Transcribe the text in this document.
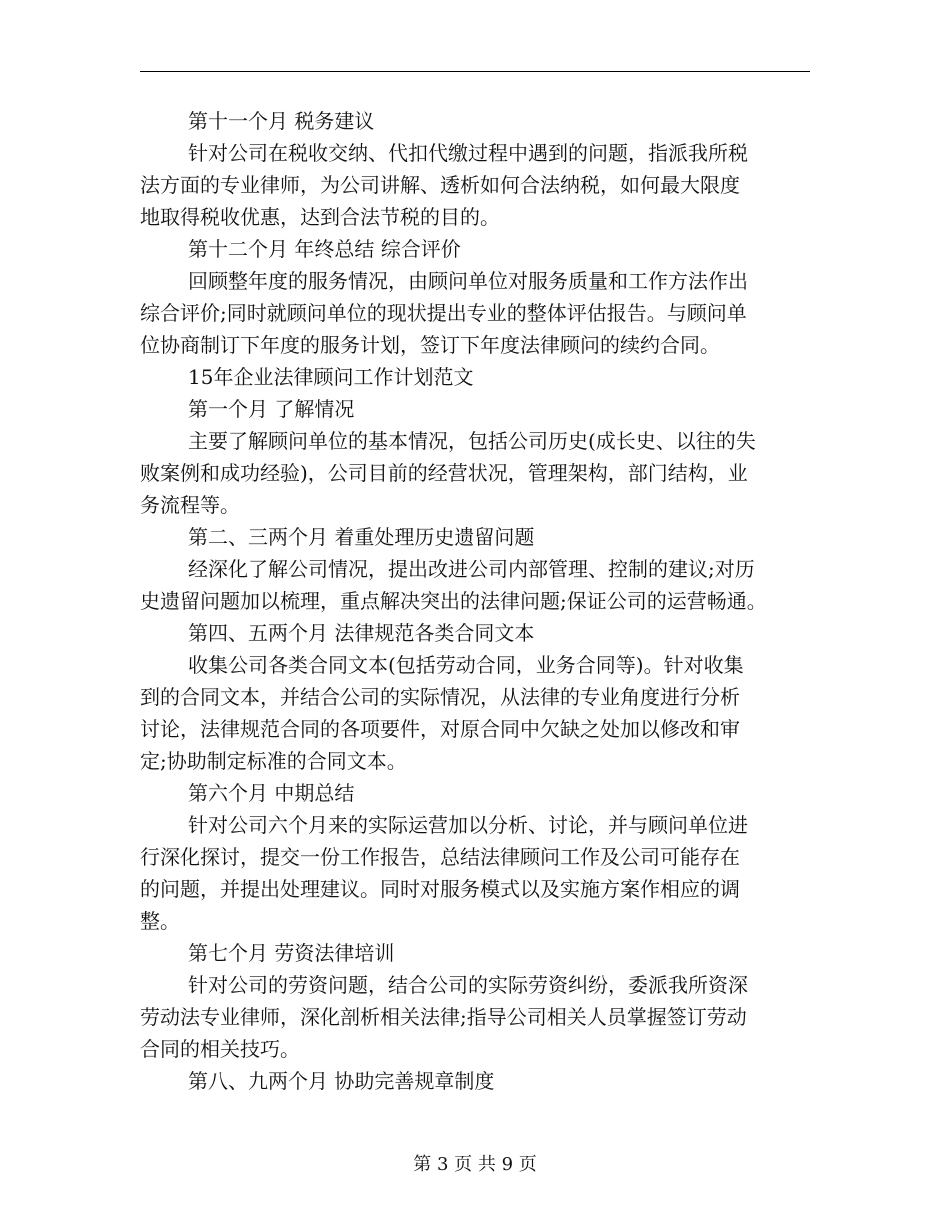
第十一个月 税务建议

针对公司在税收交纳、代扣代缴过程中遇到的问题，指派我所税

法方面的专业律师，为公司讲解、透析如何合法纳税，如何最大限度

地取得税收优惠，达到合法节税的目的。

第十二个月 年终总结 综合评价

回顾整年度的服务情况，由顾问单位对服务质量和工作方法作出

综合评价;同时就顾问单位的现状提出专业的整体评估报告。与顾问单

位协商制订下年度的服务计划，签订下年度法律顾问的续约合同。

15年企业法律顾问工作计划范文

第一个月 了解情况

主要了解顾问单位的基本情况，包括公司历史(成长史、以往的失

败案例和成功经验)，公司目前的经营状况，管理架构，部门结构，业

务流程等。

第二、三两个月 着重处理历史遗留问题

经深化了解公司情况，提出改进公司内部管理、控制的建议;对历

史遗留问题加以梳理，重点解决突出的法律问题;保证公司的运营畅通。

第四、五两个月 法律规范各类合同文本

收集公司各类合同文本(包括劳动合同，业务合同等)。针对收集

到的合同文本，并结合公司的实际情况，从法律的专业角度进行分析

讨论，法律规范合同的各项要件，对原合同中欠缺之处加以修改和审

定;协助制定标准的合同文本。

第六个月 中期总结

针对公司六个月来的实际运营加以分析、讨论，并与顾问单位进

行深化探讨，提交一份工作报告，总结法律顾问工作及公司可能存在

的问题，并提出处理建议。同时对服务模式以及实施方案作相应的调

整。

第七个月 劳资法律培训

针对公司的劳资问题，结合公司的实际劳资纠纷，委派我所资深

劳动法专业律师，深化剖析相关法律;指导公司相关人员掌握签订劳动

合同的相关技巧。

第八、九两个月 协助完善规章制度

第 3 页 共 9 页
